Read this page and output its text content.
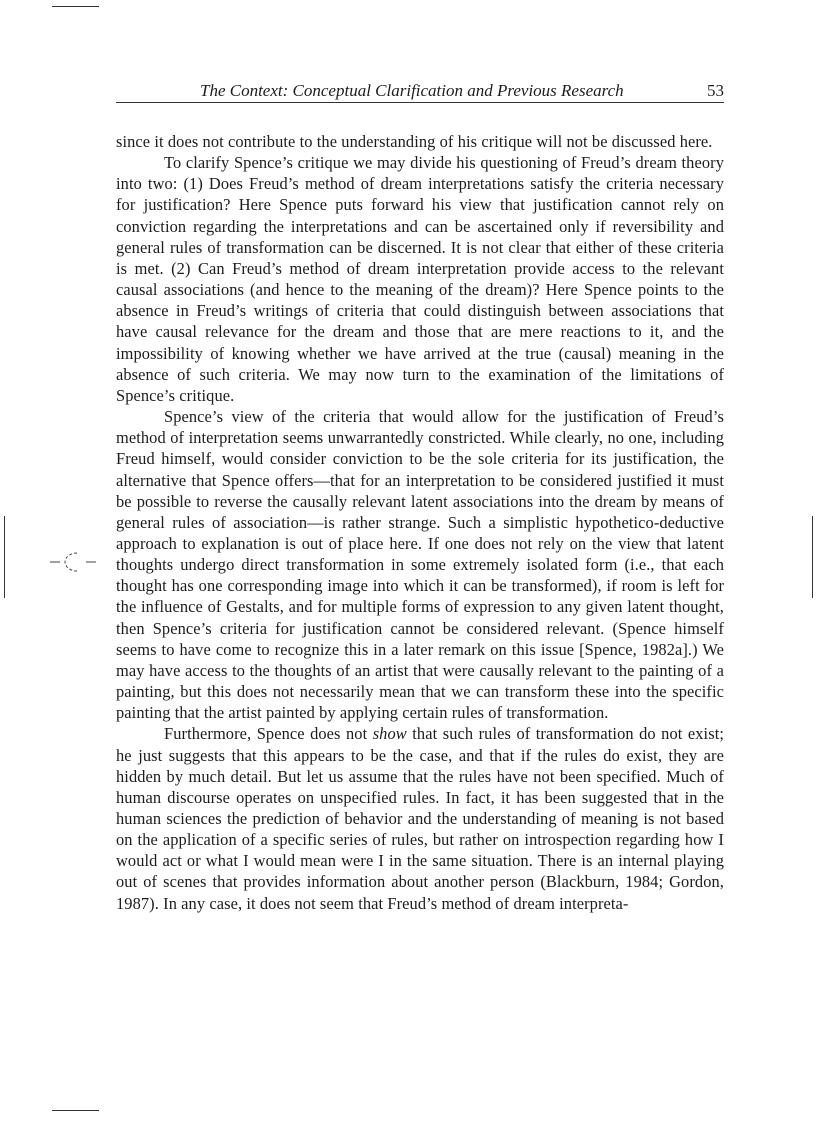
The Context: Conceptual Clarification and Previous Research	53

since it does not contribute to the understanding of his critique will not be discussed here.

To clarify Spence’s critique we may divide his questioning of Freud’s dream theory into two: (1) Does Freud’s method of dream interpretations satisfy the criteria necessary for justification? Here Spence puts forward his view that justification cannot rely on conviction regarding the interpretations and can be ascertained only if reversibility and general rules of transformation can be discerned. It is not clear that either of these criteria is met. (2) Can Freud’s method of dream interpretation provide access to the relevant causal associations (and hence to the meaning of the dream)? Here Spence points to the absence in Freud’s writings of criteria that could distinguish between associations that have causal relevance for the dream and those that are mere reactions to it, and the impossibility of knowing whether we have arrived at the true (causal) meaning in the absence of such criteria. We may now turn to the examination of the limitations of Spence’s critique.

Spence’s view of the criteria that would allow for the justification of Freud’s method of interpretation seems unwarrantedly constricted. While clearly, no one, including Freud himself, would consider conviction to be the sole criteria for its justification, the alternative that Spence offers—that for an interpretation to be considered justified it must be possible to reverse the causally relevant latent associations into the dream by means of general rules of association—is rather strange. Such a simplistic hypothetico-deductive approach to explanation is out of place here. If one does not rely on the view that latent thoughts undergo direct transformation in some extremely isolated form (i.e., that each thought has one corresponding image into which it can be transformed), if room is left for the influence of Gestalts, and for multiple forms of expression to any given latent thought, then Spence’s criteria for justification cannot be considered relevant. (Spence himself seems to have come to recognize this in a later remark on this issue [Spence, 1982a].) We may have access to the thoughts of an artist that were causally relevant to the painting of a painting, but this does not necessarily mean that we can transform these into the specific painting that the artist painted by applying certain rules of transformation.

Furthermore, Spence does not show that such rules of transformation do not exist; he just suggests that this appears to be the case, and that if the rules do exist, they are hidden by much detail. But let us assume that the rules have not been specified. Much of human discourse operates on unspecified rules. In fact, it has been suggested that in the human sciences the prediction of behavior and the understanding of meaning is not based on the application of a specific series of rules, but rather on introspection regarding how I would act or what I would mean were I in the same situation. There is an internal playing out of scenes that provides information about another person (Blackburn, 1984; Gordon, 1987). In any case, it does not seem that Freud’s method of dream interpreta-
